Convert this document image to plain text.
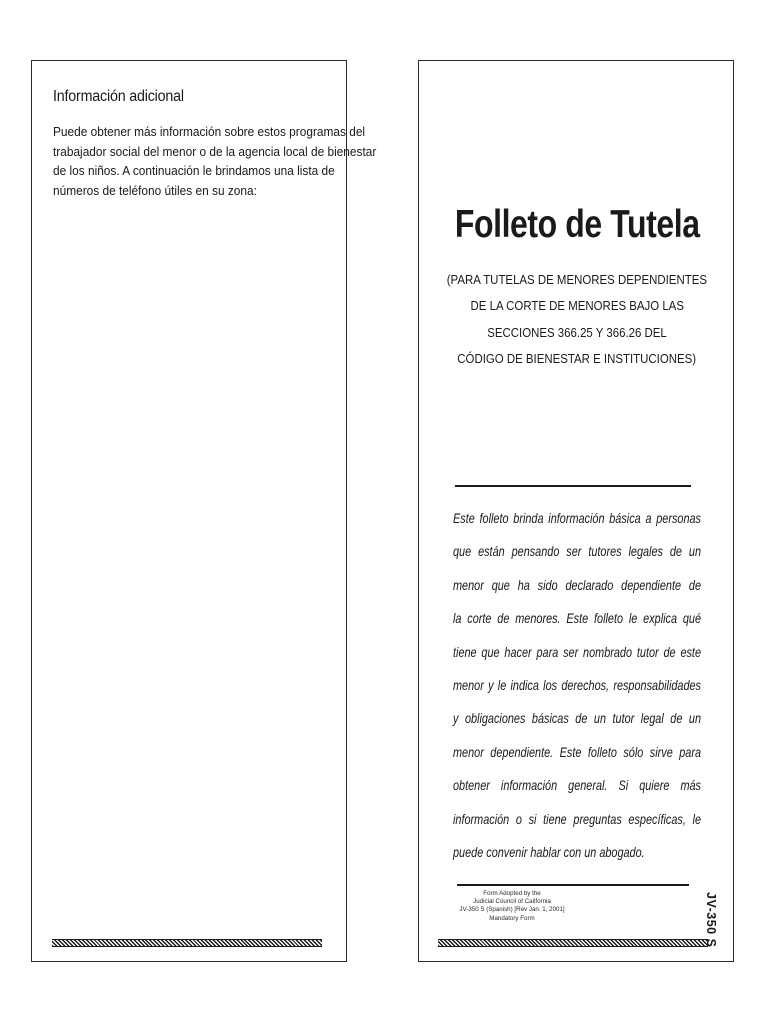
Información adicional
Puede obtener más información sobre estos programas del
trabajador social del menor o de la agencia local de bienestar
de los niños. A continuación le brindamos una lista de
números de teléfono útiles en su zona:
Folleto de Tutela
(PARA TUTELAS DE MENORES DEPENDIENTES
DE LA CORTE DE MENORES BAJO LAS
SECCIONES 366.25 Y 366.26 DEL
CÓDIGO DE BIENESTAR E INSTITUCIONES)
Este folleto brinda información básica a personas
que están pensando ser tutores legales de un
menor que ha sido declarado dependiente de
la corte de menores. Este folleto le explica qué
tiene que hacer para ser nombrado tutor de este
menor y le indica los derechos, responsabilidades
y obligaciones básicas de un tutor legal de un
menor dependiente. Este folleto sólo sirve para
obtener información general. Si quiere más
información o si tiene preguntas específicas, le
puede convenir hablar con un abogado.
Form Adopted by the
Judicial Council of California
JV-350 S (Spanish) [Rev Jan. 1, 2001]
Mandatory Form	JV-350 S
